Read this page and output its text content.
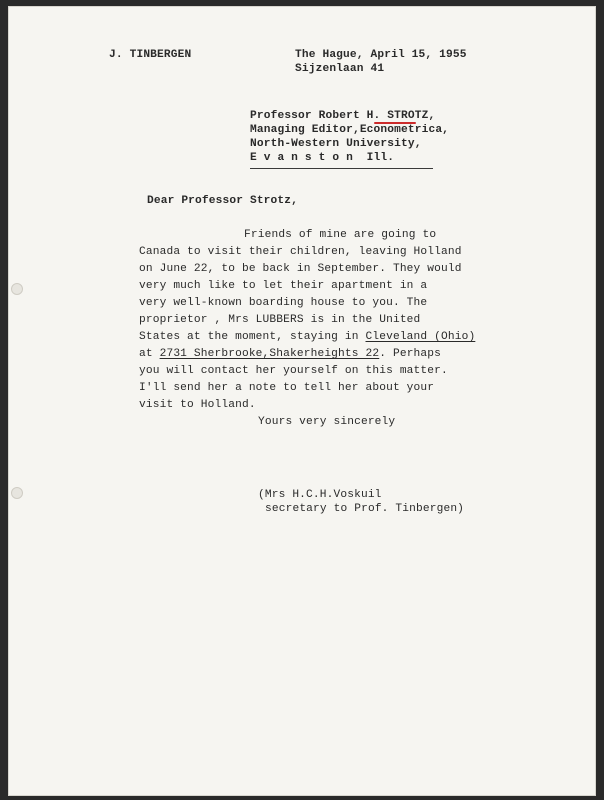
J. TINBERGEN	The Hague, April 15, 1955
Sijzenlaan 41
Professor Robert H. STROTZ,
Managing Editor,Econometrica,
North-Western University,
E v a n s t o n  Ill.
Dear Professor Strotz,
Friends of mine are going to
Canada to visit their children, leaving Holland
on June 22, to be back in September. They would
very much like to let their apartment in a
very well-known boarding house to you. The
proprietor , Mrs LUBBERS is in the United
States at the moment, staying in Cleveland (Ohio)
at 2731 Sherbrooke,Shakerheights 22. Perhaps
you will contact her yourself on this matter.
I'll send her a note to tell her about your
visit to Holland.
Yours very sincerely
(Mrs H.C.H.Voskuil
secretary to Prof. Tinbergen)
